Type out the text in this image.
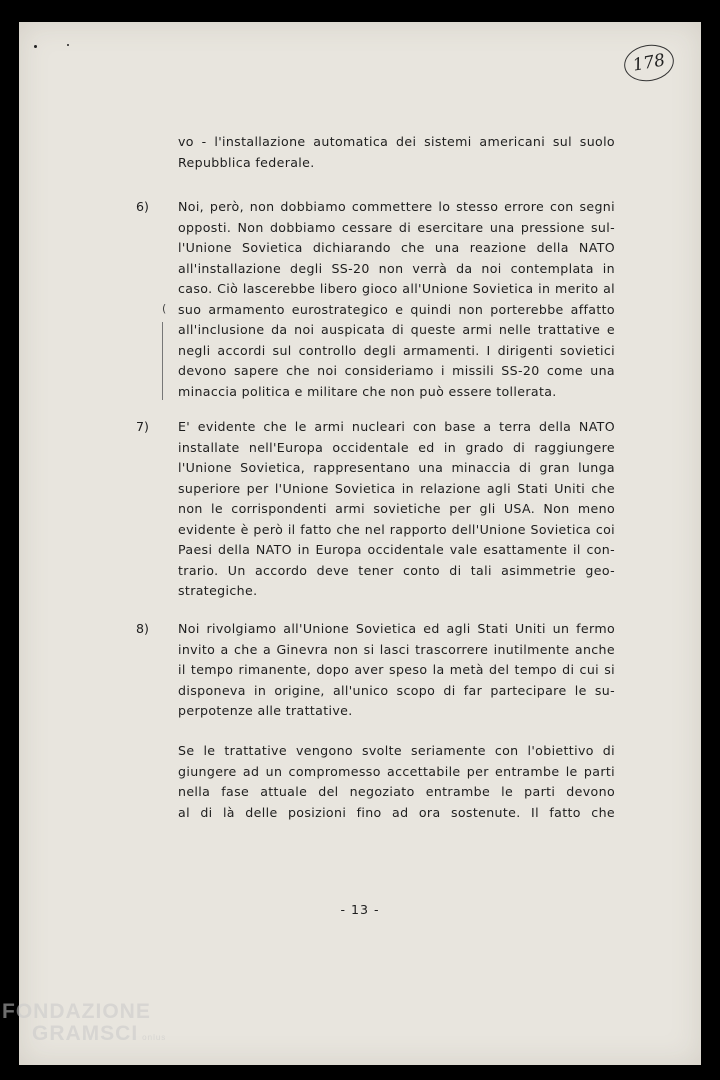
178
vo - l'installazione automatica dei sistemi americani sul suolo
Repubblica federale.
6) Noi, però, non dobbiamo commettere lo stesso errore con segni
opposti. Non dobbiamo cessare di esercitare una pressione sul-
l'Unione Sovietica dichiarando che una reazione della NATO
all'installazione degli SS-20 non verrà da noi contemplata in
caso. Ciò lascerebbe libero gioco all'Unione Sovietica in merito al
suo armamento eurostrategico e quindi non porterebbe affatto
all'inclusione da noi auspicata di queste armi nelle trattative e
negli accordi sul controllo degli armamenti. I dirigenti sovietici
devono sapere che noi consideriamo i missili SS-20 come una
minaccia politica e militare che non può essere tollerata.
(
7) E' evidente che le armi nucleari con base a terra della NATO
installate nell'Europa occidentale ed in grado di raggiungere
l'Unione Sovietica, rappresentano una minaccia di gran lunga
superiore per l'Unione Sovietica in relazione agli Stati Uniti che
non le corrispondenti armi sovietiche per gli USA. Non meno
evidente è però il fatto che nel rapporto dell'Unione Sovietica coi
Paesi della NATO in Europa occidentale vale esattamente il con-
trario. Un accordo deve tener conto di tali asimmetrie geo-
strategiche.
8) Noi rivolgiamo all'Unione Sovietica ed agli Stati Uniti un fermo
invito a che a Ginevra non si lasci trascorrere inutilmente anche
il tempo rimanente, dopo aver speso la metà del tempo di cui si
disponeva in origine, all'unico scopo di far partecipare le su-
perpotenze alle trattative.
Se le trattative vengono svolte seriamente con l'obiettivo di
giungere ad un compromesso accettabile per entrambe le parti
nella fase attuale del negoziato entrambe le parti devono
al di là delle posizioni fino ad ora sostenute. Il fatto che
- 13 -
FONDAZIONE
GRAMSCI onlus
